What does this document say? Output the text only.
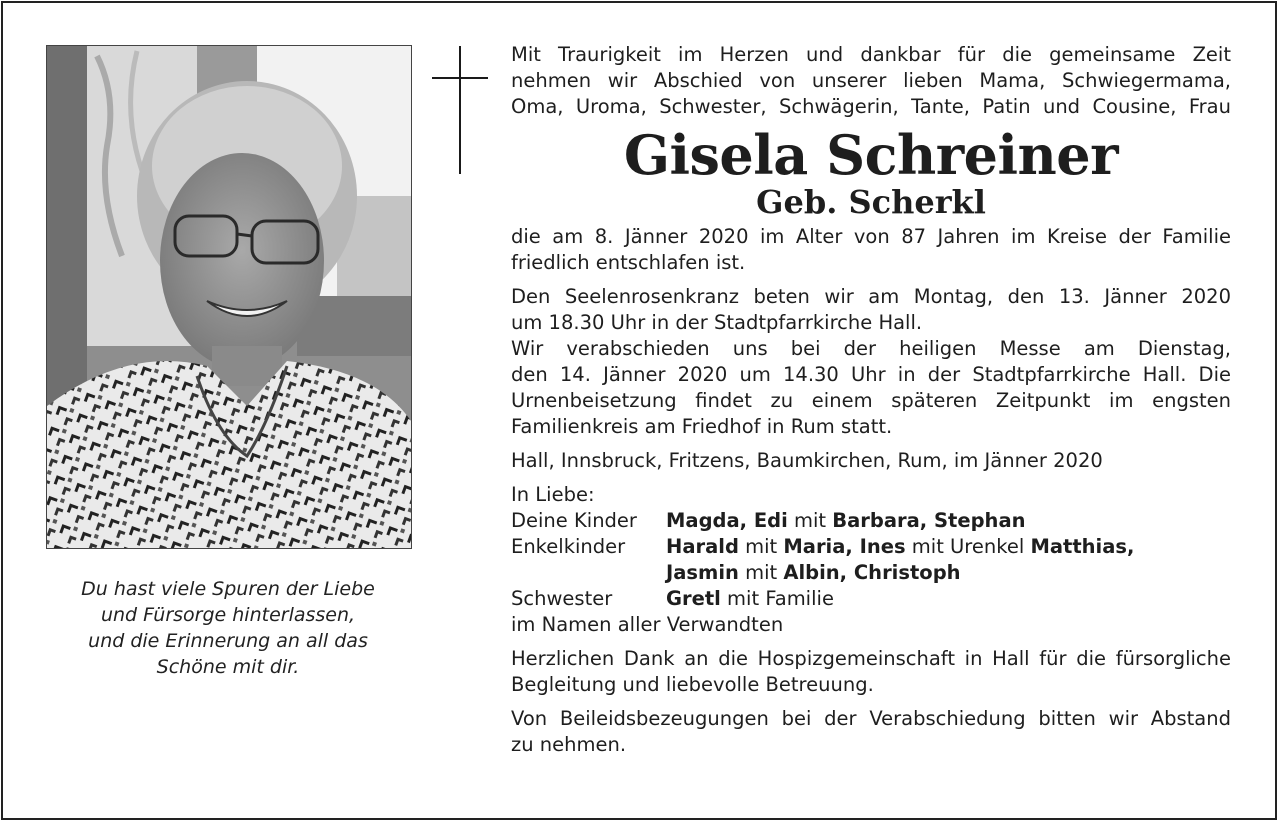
Du hast viele Spuren der Liebe
und Fürsorge hinterlassen,
und die Erinnerung an all das
Schöne mit dir.
Mit Traurigkeit im Herzen und dankbar für die gemeinsame Zeit
nehmen wir Abschied von unserer lieben Mama, Schwiegermama,
Oma, Uroma, Schwester, Schwägerin, Tante, Patin und Cousine, Frau
Gisela Schreiner
Geb. Scherkl
die am 8. Jänner 2020 im Alter von 87 Jahren im Kreise der Familie
friedlich entschlafen ist.
Den Seelenrosenkranz beten wir am Montag, den 13. Jänner 2020
um 18.30 Uhr in der Stadtpfarrkirche Hall.
Wir verabschieden uns bei der heiligen Messe am Dienstag,
den 14. Jänner 2020 um 14.30 Uhr in der Stadtpfarrkirche Hall. Die
Urnenbeisetzung findet zu einem späteren Zeitpunkt im engsten
Familienkreis am Friedhof in Rum statt.
Hall, Innsbruck, Fritzens, Baumkirchen, Rum, im Jänner 2020
In Liebe:
Deine Kinder	Magda, Edi mit Barbara, Stephan
Enkelkinder	Harald mit Maria, Ines mit Urenkel Matthias,
Jasmin mit Albin, Christoph
Schwester	Gretl mit Familie
im Namen aller Verwandten
Herzlichen Dank an die Hospizgemeinschaft in Hall für die fürsorgliche
Begleitung und liebevolle Betreuung.
Von Beileidsbezeugungen bei der Verabschiedung bitten wir Abstand
zu nehmen.
